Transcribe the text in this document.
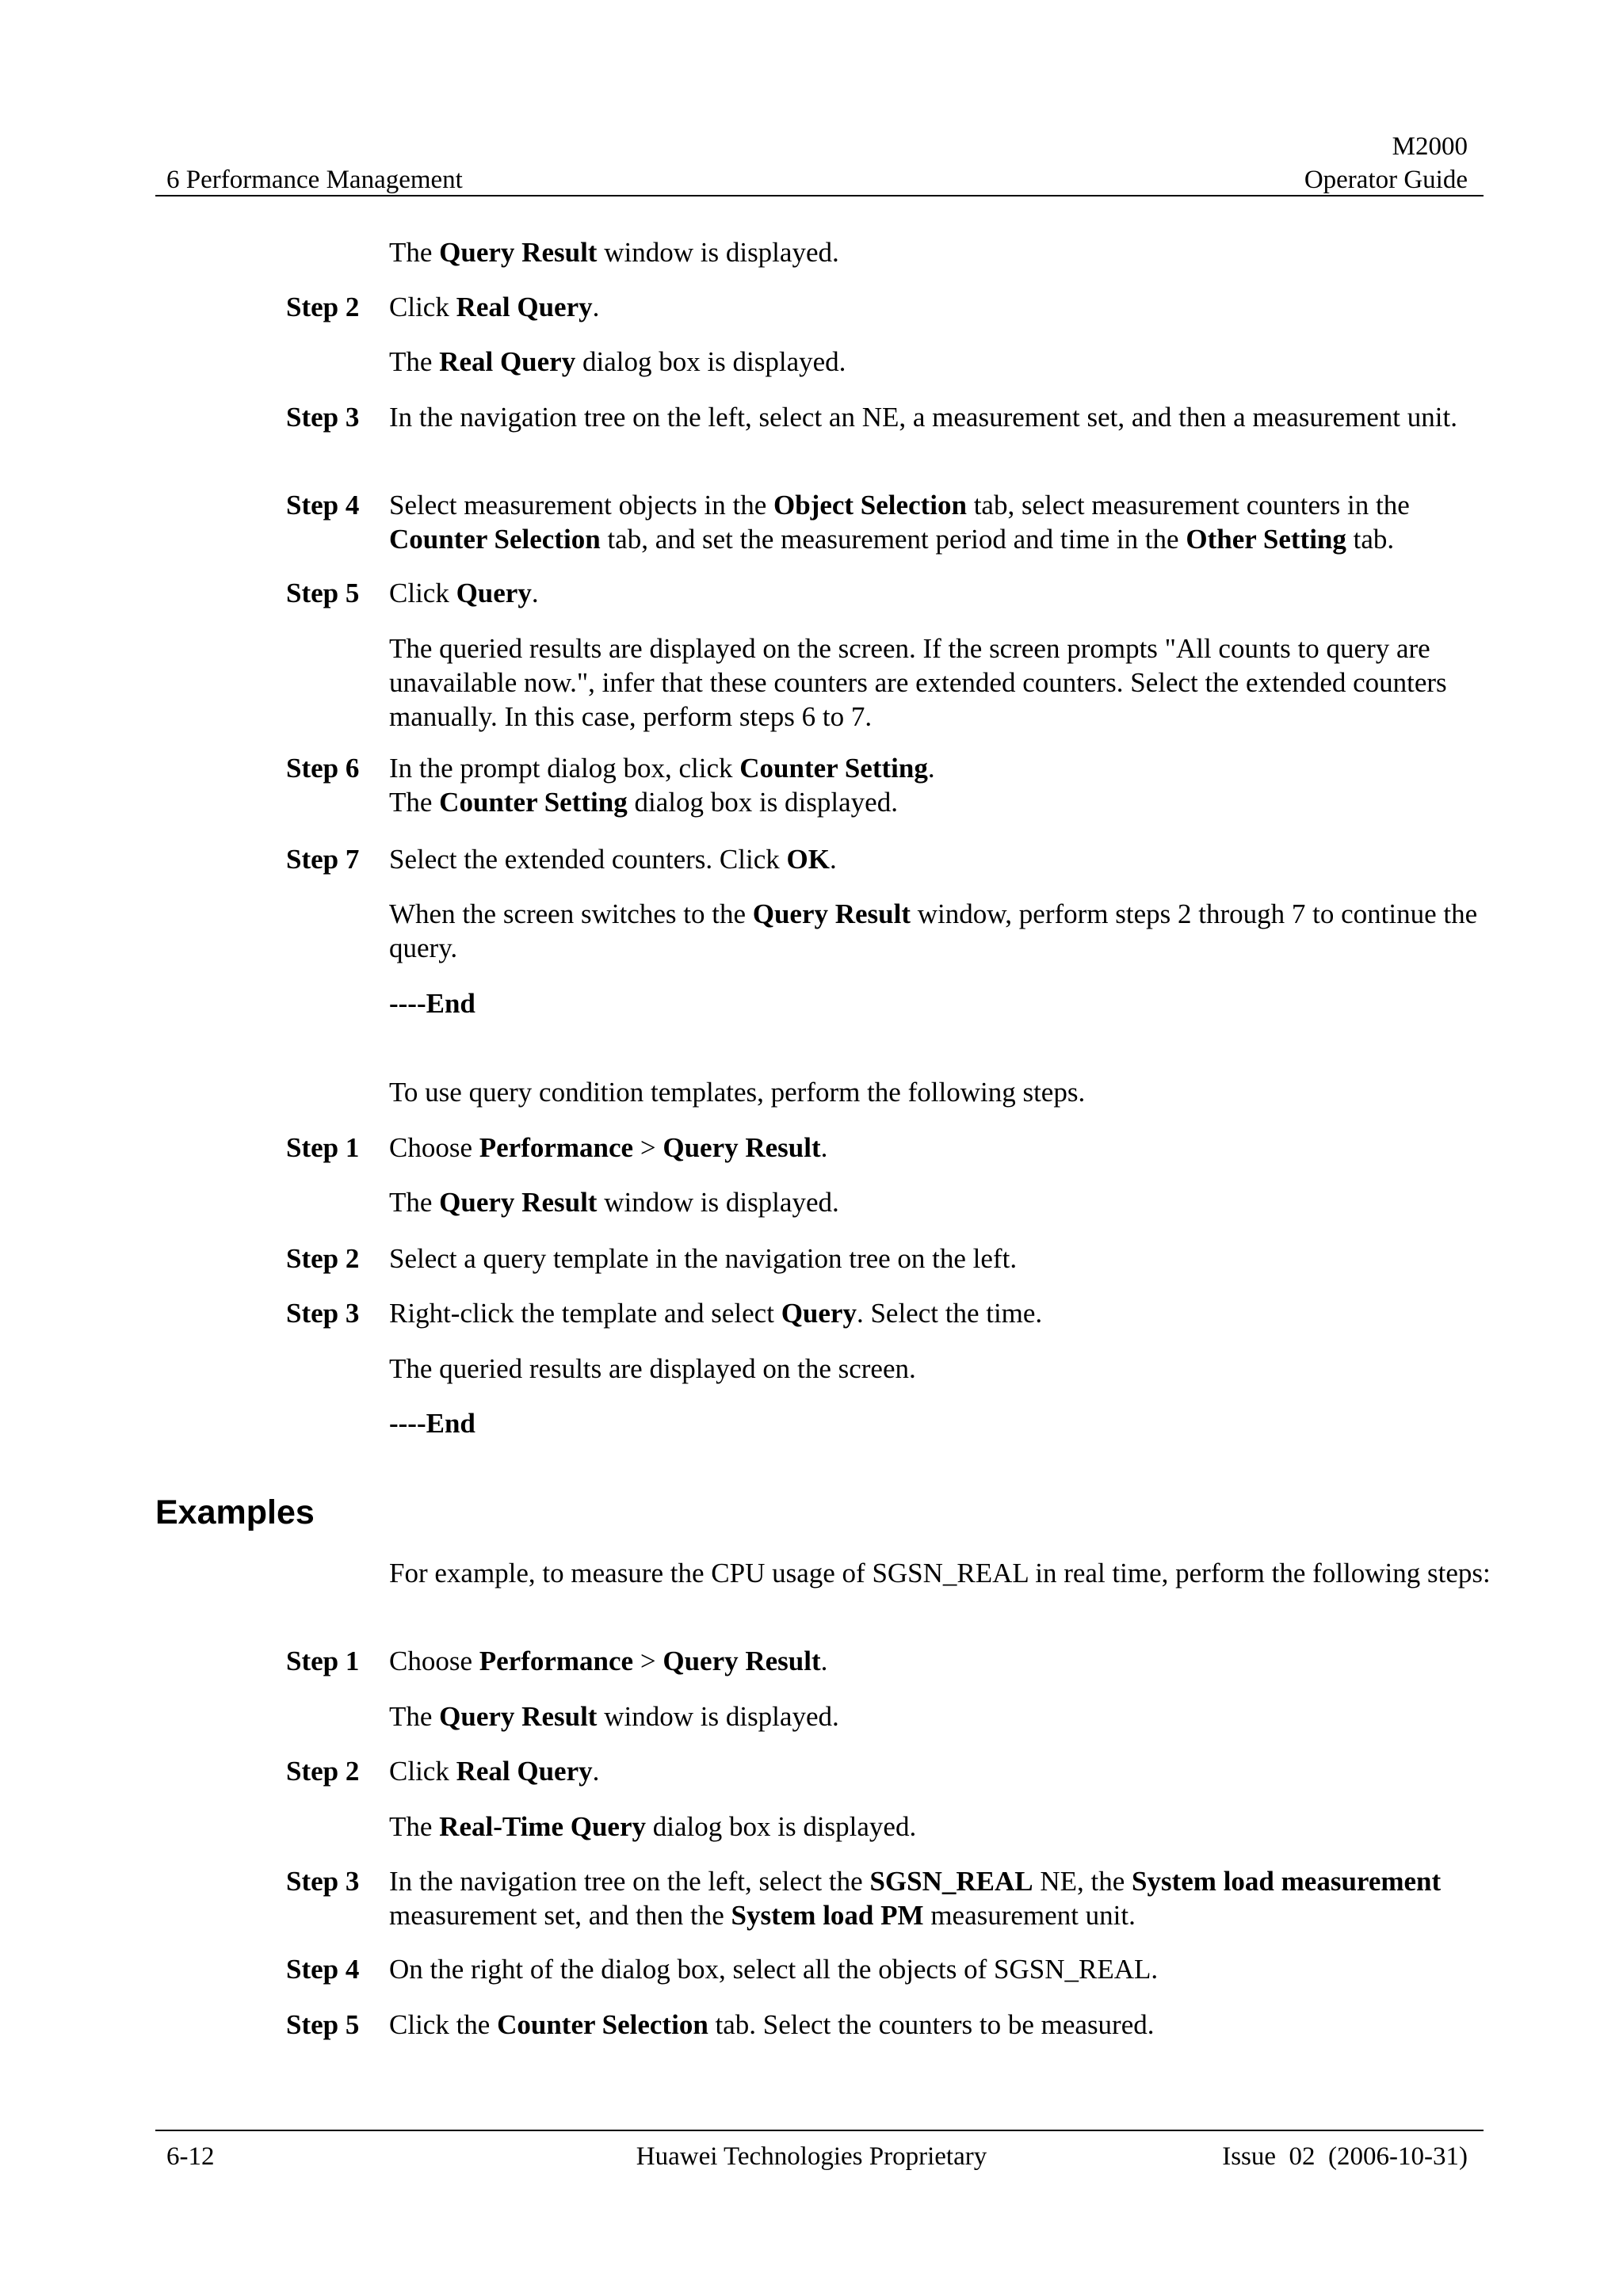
M2000
6 Performance Management	Operator Guide
The Query Result window is displayed.
Step 2 Click Real Query.
The Real Query dialog box is displayed.
Step 3 In the navigation tree on the left, select an NE, a measurement set, and then a measurement unit.
Step 4 Select measurement objects in the Object Selection tab, select measurement counters in the Counter Selection tab, and set the measurement period and time in the Other Setting tab.
Step 5 Click Query.
The queried results are displayed on the screen. If the screen prompts "All counts to query are unavailable now.", infer that these counters are extended counters. Select the extended counters manually. In this case, perform steps 6 to 7.
Step 6 In the prompt dialog box, click Counter Setting.
The Counter Setting dialog box is displayed.
Step 7 Select the extended counters. Click OK.
When the screen switches to the Query Result window, perform steps 2 through 7 to continue the query.
----End
To use query condition templates, perform the following steps.
Step 1 Choose Performance > Query Result.
The Query Result window is displayed.
Step 2 Select a query template in the navigation tree on the left.
Step 3 Right-click the template and select Query. Select the time.
The queried results are displayed on the screen.
----End
Examples
For example, to measure the CPU usage of SGSN_REAL in real time, perform the following steps:
Step 1 Choose Performance > Query Result.
The Query Result window is displayed.
Step 2 Click Real Query.
The Real-Time Query dialog box is displayed.
Step 3 In the navigation tree on the left, select the SGSN_REAL NE, the System load measurement measurement set, and then the System load PM measurement unit.
Step 4 On the right of the dialog box, select all the objects of SGSN_REAL.
Step 5 Click the Counter Selection tab. Select the counters to be measured.
6-12	Huawei Technologies Proprietary	Issue  02  (2006-10-31)
